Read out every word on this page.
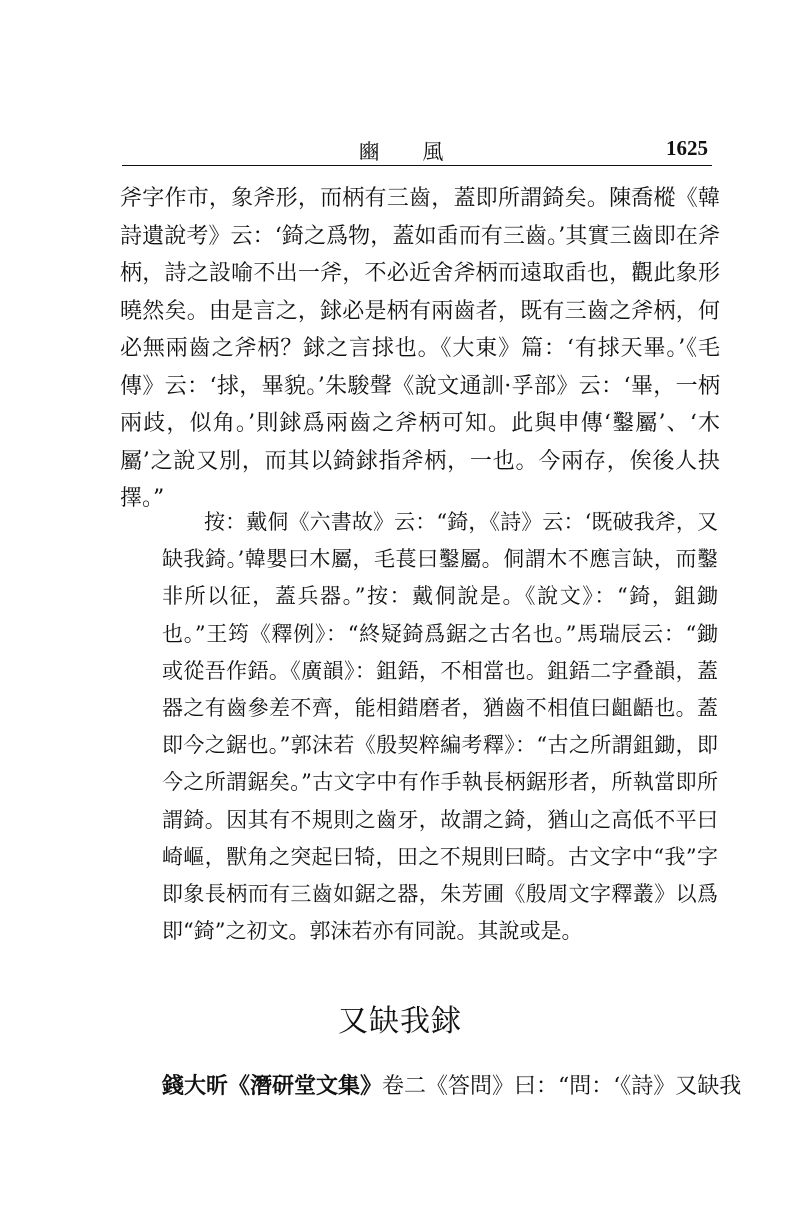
豳 風	1625

斧字作市，象斧形，而柄有三齒，蓋即所謂錡矣。陳喬樅《韓詩遺說考》云：‘錡之爲物，蓋如臿而有三齒。’其實三齒即在斧柄，詩之設喻不出一斧，不必近舍斧柄而遠取臿也，觀此象形曉然矣。由是言之，銶必是柄有兩齒者，既有三齒之斧柄，何必無兩齒之斧柄？銶之言捄也。《大東》篇：‘有捄天畢。’《毛傳》云：‘捄，畢貌。’朱駿聲《說文通訓·孚部》云：‘畢，一柄兩歧，似角。’則銶爲兩齒之斧柄可知。此與申傳‘鑿屬’、‘木屬’之說又別，而其以錡銶指斧柄，一也。今兩存，俟後人抉擇。”

按：戴侗《六書故》云：“錡，《詩》云：‘既破我斧，又缺我錡。’韓嬰曰木屬，毛萇曰鑿屬。侗謂木不應言缺，而鑿非所以征，蓋兵器。”按：戴侗說是。《說文》：“錡，鉏鋤也。”王筠《釋例》：“終疑錡爲鋸之古名也。”馬瑞辰云：“鋤或從吾作鋙。《廣韻》：鉏鋙，不相當也。鉏鋙二字叠韻，蓋器之有齒參差不齊，能相錯磨者，猶齒不相值曰齟齬也。蓋即今之鋸也。”郭沫若《殷契粹編考釋》：“古之所謂鉏鋤，即今之所謂鋸矣。”古文字中有作手執長柄鋸形者，所執當即所謂錡。因其有不規則之齒牙，故謂之錡，猶山之高低不平曰崎嶇，獸角之突起曰犄，田之不規則曰畸。古文字中“我”字即象長柄而有三齒如鋸之器，朱芳圃《殷周文字釋叢》以爲即“錡”之初文。郭沫若亦有同說。其說或是。

又缺我銶
錢大昕《潛研堂文集》卷二《答問》曰：“問：‘《詩》又缺我
